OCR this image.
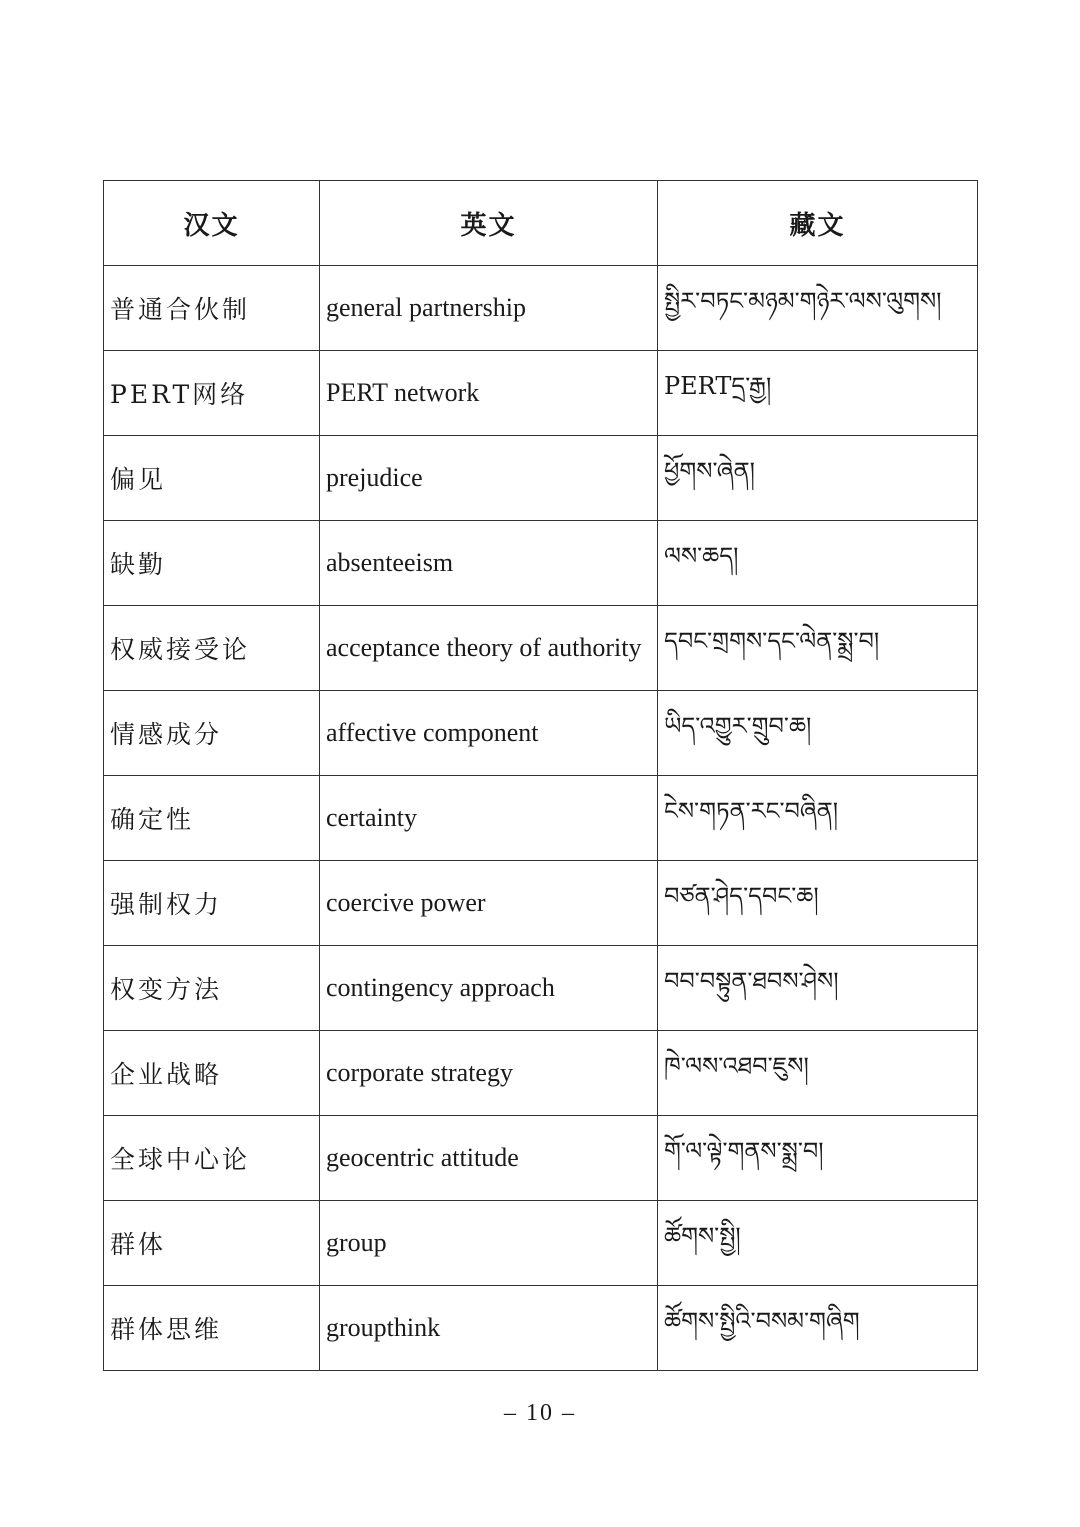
汉文	英文	藏文
普通合伙制	general partnership	སྤྱིར་བཏང་མཉམ་གཉེར་ལས་ལུགས།
PERT网络	PERT network	PERTདྲ་རྒྱ།
偏见	prejudice	ཕྱོགས་ཞེན།
缺勤	absenteeism	ལས་ཆད།
权威接受论	acceptance theory of authority	དབང་གྲགས་དང་ལེན་སྨྲ་བ།
情感成分	affective component	ཡིད་འགྱུར་གྲུབ་ཆ།
确定性	certainty	ངེས་གཏན་རང་བཞིན།
强制权力	coercive power	བཙན་ཤེད་དབང་ཆ།
权变方法	contingency approach	བབ་བསྟུན་ཐབས་ཤེས།
企业战略	corporate strategy	ཁེ་ལས་འཐབ་ཇུས།
全球中心论	geocentric attitude	གོ་ལ་ལྟེ་གནས་སྨྲ་བ།
群体	group	ཚོགས་སྤྱི།
群体思维	groupthink	ཚོགས་སྤྱིའི་བསམ་གཞིག
– 10 –
